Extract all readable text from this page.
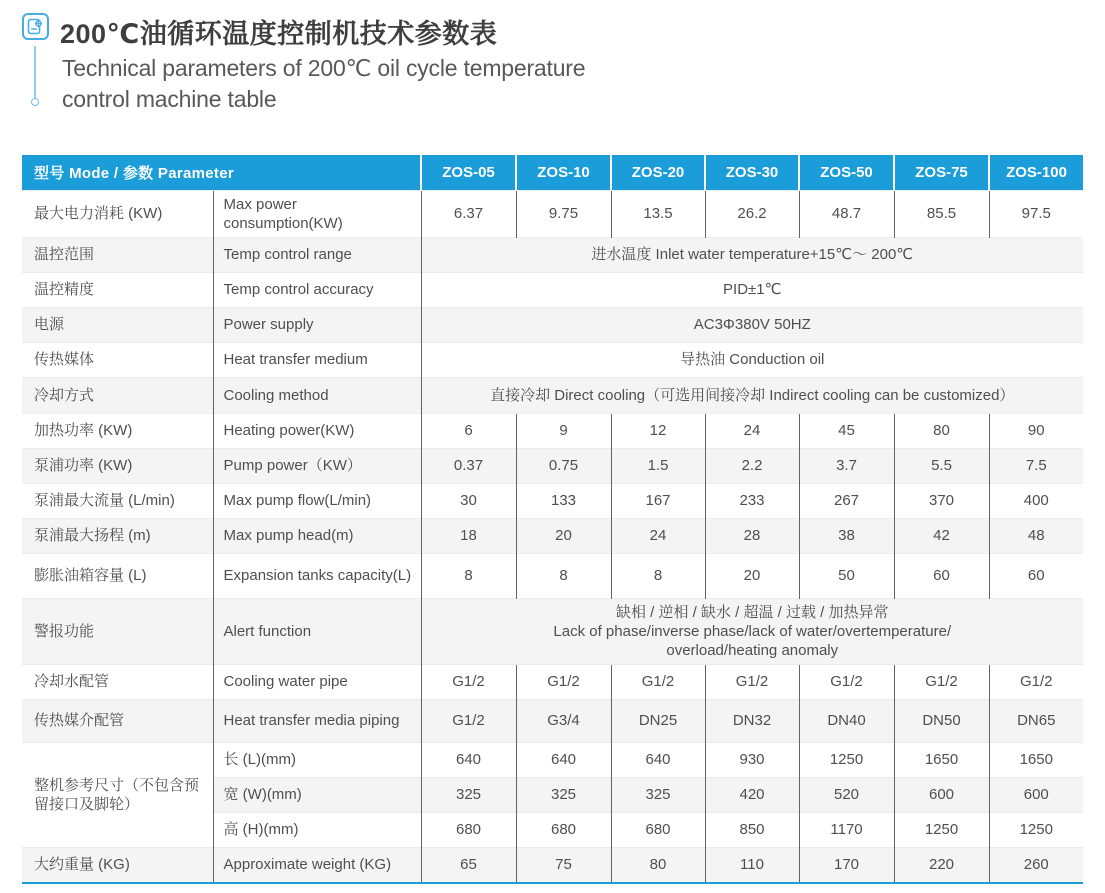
200℃油循环温度控制机技术参数表
Technical parameters of 200℃ oil cycle temperature
control machine table
型号 Mode / 参数 Parameter		ZOS-05	ZOS-10	ZOS-20	ZOS-30	ZOS-50	ZOS-75	ZOS-100
最大电力消耗 (KW)	Max power consumption(KW)	6.37	9.75	13.5	26.2	48.7	85.5	97.5
温控范围	Temp control range	进水温度 Inlet water temperature+15℃～ 200℃						
温控精度	Temp control accuracy	PID±1℃						
电源	Power supply	AC3Φ380V 50HZ						
传热媒体	Heat transfer medium	导热油 Conduction oil						
冷却方式	Cooling method	直接冷却 Direct cooling（可选用间接冷却 Indirect cooling can be customized）						
加热功率 (KW)	Heating power(KW)	6	9	12	24	45	80	90
泵浦功率 (KW)	Pump power（KW）	0.37	0.75	1.5	2.2	3.7	5.5	7.5
泵浦最大流量 (L/min)	Max pump flow(L/min)	30	133	167	233	267	370	400
泵浦最大扬程 (m)	Max pump head(m)	18	20	24	28	38	42	48
膨胀油箱容量 (L)	Expansion tanks capacity(L)	8	8	8	20	50	60	60
警报功能	Alert function	缺相 / 逆相 / 缺水 / 超温 / 过载 / 加热异常
Lack of phase/inverse phase/lack of water/overtemperature/
overload/heating anomaly						

冷却水配管	Cooling water pipe	G1/2	G1/2	G1/2	G1/2	G1/2	G1/2	G1/2
传热媒介配管	Heat transfer media piping	G1/2	G3/4	DN25	DN32	DN40	DN50	DN65
整机参考尺寸（不包含预留接口及脚轮）	长 (L)(mm)	640	640	640	930	1250	1650	1650
	宽 (W)(mm)	325	325	325	420	520	600	600
	高 (H)(mm)	680	680	680	850	1170	1250	1250
大约重量 (KG)	Approximate weight (KG)	65	75	80	110	170	220	260
